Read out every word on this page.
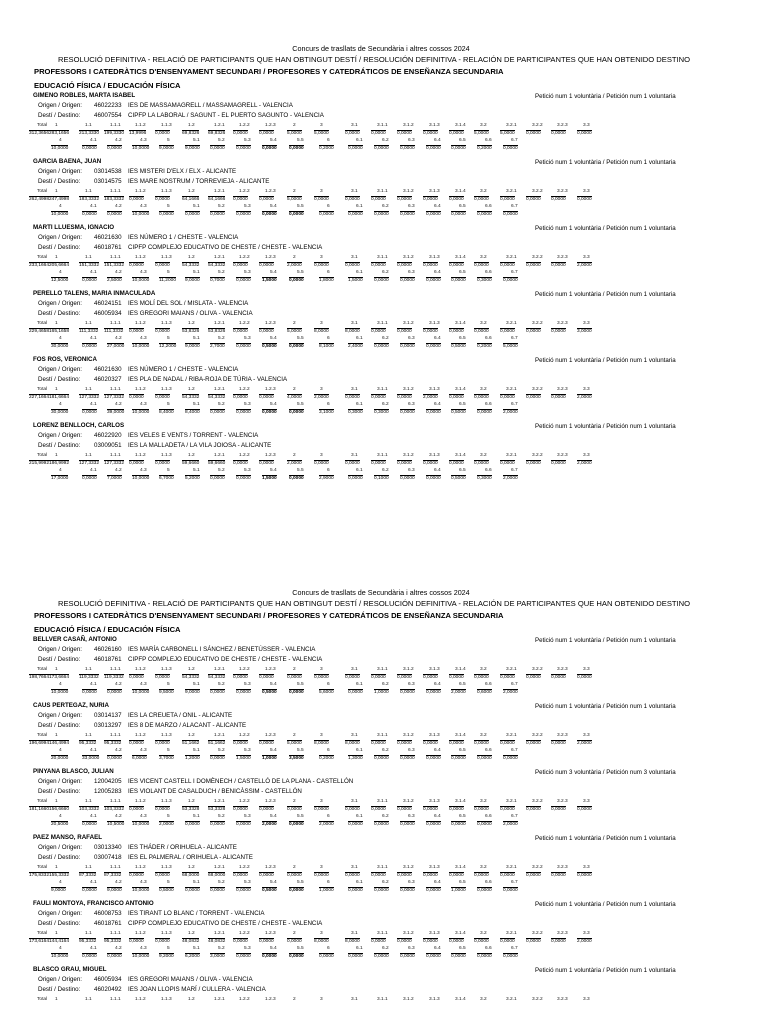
Concurs de trasllats de Secundària i altres cossos 2024
RESOLUCIÓ DEFINITIVA - RELACIÓ DE PARTICIPANTS QUE HAN OBTINGUT DESTÍ / RESOLUCIÓN DEFINITIVA - RELACIÓN DE PARTICIPANTES QUE HAN OBTENIDO DESTINO
PROFESSORS I CATEDRÀTICS D'ENSENYAMENT SECUNDARI / PROFESORES Y CATEDRÁTICOS DE ENSEÑANZA SECUNDARIA
EDUCACIÓ FÍSICA / EDUCACIÓN FÍSICA
GIMENO ROBLES, MARTA ISABEL	Petició num 1 voluntària / Petición num 1 voluntaria
Origen / Origen: 46022233 IES DE MASSAMAGRELL / MASSAMAGRELL - VALENCIA
Destí / Destino: 46007554 CIPFP LA LABORAL / SAGUNT - EL PUERTO SAGUNTO - VALENCIA
Total 1	1.1	1.1.1	1.1.2	1.1.3	1.2	1.2.1	1.2.2	1.2.3	2	3	3.1	3.1.1	3.1.2	3.1.3	3.1.4	3.2	3.2.1	3.2.2	3.2.3	3.3
312,3656 283,1656 213,3330 199,3330 13,9996 0,0000	69,8326 69,8326 0,0000 0,0000	5,0000	5,0000	0,0000 0,0000 0,0000 0,0000 0,0000 5,0000 5,0000 0,0000 0,0000 0,0000
4	4.1	4.2	4.3	5	5.1	5.2	5.3	5.4	5.5	6	6.1	6.2	6.3	6.4	6.5	6.6	6.7
10,0000	0,0000 0,0000 10,0000 9,0000 9,0000 0,0000 0,0000 0,0000	0,0000	0,2000	0,0000 0,0000 0,0000 0,0000 0,0000 0,2000 0,0000
GARCIA BAENA, JUAN	Petició num 1 voluntària / Petición num 1 voluntaria
Origen / Origen: 03014538 IES MISTERI D'ELX / ELX - ALICANTE
Destí / Destino: 03014575 IES MARE NOSTRUM / TORREVIEJA - ALICANTE
Total 1	1.1	1.1.1	1.1.2	1.1.3	1.2	1.2.1	1.2.2	1.2.3	2	3	3.1	3.1.1	3.1.2	3.1.3	3.1.4	3.2	3.2.1	3.2.2	3.2.3	3.3
262,4998 247,4998 183,3332 183,3332 0,0000 0,0000	64,1666 64,1666 0,0000 0,0000	5,0000	0,0000	0,0000 0,0000 0,0000 0,0000 0,0000 0,0000 0,0000 0,0000 0,0000 0,0000
4	4.1	4.2	4.3	5	5.1	5.2	5.3	5.4	5.5	6	6.1	6.2	6.3	6.4	6.5	6.6	6.7
10,0000	0,0000 0,0000 10,0000 0,0000 0,0000 0,0000 0,0000 0,0000	0,0000	0,0000	0,0000 0,0000 0,0000 0,0000 0,0000 0,0000 0,0000
MARTI LLUESMA, IGNACIO	Petició num 1 voluntària / Petición num 1 voluntaria
Origen / Origen: 46021630 IES NÚMERO 1 / CHESTE - VALENCIA
Destí / Destino: 46018761 CIPFP COMPLEJO EDUCATIVO DE CHESTE / CHESTE - VALENCIA
Total 1	1.1	1.1.1	1.1.2	1.1.3	1.2	1.2.1	1.2.2	1.2.3	2	3	3.1	3.1.1	3.1.2	3.1.3	3.1.4	3.2	3.2.1	3.2.2	3.2.3	3.3
233,1664 205,6664 151,3332 151,3332 0,0000 0,0000	54,3332 54,3332 0,0000 0,0000	2,0000	0,0000	0,0000 0,0000 0,0000 0,0000 0,0000 0,0000 0,0000 0,0000 0,0000 2,0000
4	4.1	4.2	4.3	5	5.1	5.2	5.3	5.4	5.5	6	6.1	6.2	6.3	6.4	6.5	6.6	6.7
12,5000	0,0000 2,5000 10,0000 11,2000 9,0000 0,7000 0,0000 1,5000	0,0000	1,8000	1,5000 0,0000 0,0000 0,0000 0,0000 0,3000 0,0000
PERELLO TALENS, MARIA INMACULADA	Petició num 1 voluntària / Petición num 1 voluntaria
Origen / Origen: 46024151 IES MOLÍ DEL SOL / MISLATA - VALENCIA
Destí / Destino: 46005934 IES GREGORI MAIANS / OLIVA - VALENCIA
Total 1	1.1	1.1.1	1.1.2	1.1.3	1.2	1.2.1	1.2.2	1.2.3	2	3	3.1	3.1.1	3.1.2	3.1.3	3.1.4	3.2	3.2.1	3.2.2	3.2.3	3.3
229,4658 165,1658 111,3332 111,3332 0,0000 0,0000	53,8326 53,8326 0,0000 0,0000	5,0000	8,0000	8,0000 0,0000 0,0000 0,0000 0,0000 0,0000 0,0000 0,0000 0,0000 3,0000
4	4.1	4.2	4.3	5	5.1	5.2	5.3	5.4	5.5	6	6.1	6.2	6.3	6.4	6.5	6.6	6.7
30,0000	0,0000 27,0000 10,0000 12,2000 9,0000 2,7000 0,0000 0,5000	0,0000	8,1000	2,4000 0,0000 0,0000 0,0000 0,5000 0,2000 5,0000
FOS ROS, VERONICA	Petició num 1 voluntària / Petición num 1 voluntaria
Origen / Origen: 46021630 IES NÚMERO 1 / CHESTE - VALENCIA
Destí / Destino: 46020327 IES PLA DE NADAL / RIBA-ROJA DE TÚRIA - VALENCIA
Total 1	1.1	1.1.1	1.1.2	1.1.3	1.2	1.2.1	1.2.2	1.2.3	2	3	3.1	3.1.1	3.1.2	3.1.3	3.1.4	3.2	3.2.1	3.2.2	3.2.3	3.3
227,1664 181,6664 127,3332 127,3332 0,0000 0,0000	54,3332 54,3332 0,0000 0,0000	4,0000	2,0000	0,0000 0,0000 0,0000 2,0000 0,0000 0,0000 0,0000 0,0000 0,0000 2,0000
4	4.1	4.2	4.3	5	5.1	5.2	5.3	5.4	5.5	6	6.1	6.2	6.3	6.4	6.5	6.6	6.7
30,0000	0,0000 39,0000 10,0000 8,4000 8,4000 0,0000 0,0000 0,0000	0,0000	3,1000	0,3000 0,3000 0,0000 0,0000 0,5000 0,0000 2,0000
LORENZ BENLLOCH, CARLOS	Petició num 1 voluntària / Petición num 1 voluntaria
Origen / Origen: 46022920 IES VELES E VENTS / TORRENT - VALENCIA
Destí / Destino: 03009051 IES LA MALLADETA / LA VILA JOIOSA - ALICANTE
Total 1	1.1	1.1.1	1.1.2	1.1.3	1.2	1.2.1	1.2.2	1.2.3	2	3	3.1	3.1.1	3.1.2	3.1.3	3.1.4	3.2	3.2.1	3.2.2	3.2.3	3.3
215,9992 186,9992 127,3332 127,3332 0,0000 0,0000	59,6660 59,6660 0,0000 0,0000	2,0000	0,0000	0,0000 0,0000 0,0000 0,0000 0,0000 0,0000 0,0000 0,0000 0,0000 2,0000
4	4.1	4.2	4.3	5	5.1	5.2	5.3	5.4	5.5	6	6.1	6.2	6.3	6.4	6.5	6.6	6.7
17,0000	0,0000 7,0000 10,0000 6,7000 5,2000 0,0000 0,0000 1,5000	0,0000	2,9000	0,0000 0,1000 0,0000 0,0000 0,5000 0,3000 2,0000
Concurs de trasllats de Secundària i altres cossos 2024
RESOLUCIÓ DEFINITIVA - RELACIÓ DE PARTICIPANTS QUE HAN OBTINGUT DESTÍ / RESOLUCIÓN DEFINITIVA - RELACIÓN DE PARTICIPANTES QUE HAN OBTENIDO DESTINO
PROFESSORS I CATEDRÀTICS D'ENSENYAMENT SECUNDARI / PROFESORES Y CATEDRÁTICOS DE ENSEÑANZA SECUNDARIA
EDUCACIÓ FÍSICA / EDUCACIÓN FÍSICA
BELLVER CASAÑ, ANTONIO	Petició num 1 voluntària / Petición num 1 voluntaria
Origen / Origen: 46026160 IES MARÍA CARBONELL I SÁNCHEZ / BENETÚSSER - VALENCIA
Destí / Destino: 46018761 CIPFP COMPLEJO EDUCATIVO DE CHESTE / CHESTE - VALENCIA
Total 1	1.1	1.1.1	1.1.2	1.1.3	1.2	1.2.1	1.2.2	1.2.3	2	3	3.1	3.1.1	3.1.2	3.1.3	3.1.4	3.2	3.2.1	3.2.2	3.2.3	3.3
198,7664 173,6664 119,3332 119,3332 0,0000 0,0000	54,3332 54,3332 0,0000 0,0000	0,0000	0,0000	0,0000 0,0000 0,0000 0,0000 0,0000 0,0000 0,0000 0,0000 0,0000 0,0000
4	4.1	4.2	4.3	5	5.1	5.2	5.3	5.4	5.5	6	6.1	6.2	6.3	6.4	6.5	6.6	6.7
10,0000	0,0000 0,0000 10,0000 9,5000 9,0000 0,0000 0,0000 0,5000	0,0000	5,6000	0,0000 1,0000 0,0000 0,0000 2,0000 0,6000 2,0000
CAUS PERTEGAZ, NURIA	Petició num 1 voluntària / Petición num 1 voluntaria
Origen / Origen: 03014137 IES LA CREUETA / ONIL - ALICANTE
Destí / Destino: 03013297 IES 8 DE MARZO / ALACANT - ALICANTE
Total 1	1.1	1.1.1	1.1.2	1.1.3	1.2	1.2.1	1.2.2	1.2.3	2	3	3.1	3.1.1	3.1.2	3.1.3	3.1.4	3.2	3.2.1	3.2.2	3.2.3	3.3
196,6994 146,4994 95,3332 95,3332 0,0000 0,0000	51,1662 51,1662 0,0000 0,0000	5,0000	8,0000	8,0000 0,0000 0,0000 0,0000 0,0000 0,0000 0,0000 0,0000 0,0000 2,0000
4	4.1	4.2	4.3	5	5.1	5.2	5.3	5.4	5.5	6	6.1	6.2	6.3	6.4	6.5	6.6	6.7
20,0000	33,0000 0,0000 6,0000	3,7000 1,2000 0,0000 1,5000 1,0000	3,5000	0,2000	1,3000 0,0000 0,0000 0,0000 0,0000 0,0000 0,0000
PINYANA BLASCO, JULIAN	Petició num 3 voluntària / Petición num 3 voluntaria
Origen / Origen: 12004205 IES VICENT CASTELL I DOMÈNECH / CASTELLÓ DE LA PLANA - CASTELLÓN
Destí / Destino: 12005283 IES VIOLANT DE CASALDUCH / BENICÀSSIM - CASTELLÓN
Total 1	1.1	1.1.1	1.1.2	1.1.3	1.2	1.2.1	1.2.2	1.2.3	2	3	3.1	3.1.1	3.1.2	3.1.3	3.1.4	3.2	3.2.1	3.2.2	3.2.3	3.3
181,1660 156,6660 103,3332 103,3332 0,0000 0,0000	53,3328 53,3328 0,0000 0,0000	0,0000	0,0000	0,0000 0,0000 0,0000 0,0000 0,0000 0,0000 0,0000 0,0000 0,0000 0,0000
4	4.1	4.2	4.3	5	5.1	5.2	5.3	5.4	5.5	6	6.1	6.2	6.3	6.4	6.5	6.6	6.7
20,5000	0,0000 10,5000 10,0000 2,0000 0,0000 0,0000 0,0000 2,0000	0,0000	2,0000	0,0000 0,0000 0,0000 0,0000 0,0000 0,0000 2,0000
PAEZ MANSO, RAFAEL	Petició num 1 voluntària / Petición num 1 voluntaria
Origen / Origen: 03013340 IES THÁDER / ORIHUELA - ALICANTE
Destí / Destino: 03007418 IES EL PALMERAL / ORIHUELA - ALICANTE
Total 1	1.1	1.1.1	1.1.2	1.1.3	1.2	1.2.1	1.2.2	1.2.3	2	3	3.1	3.1.1	3.1.2	3.1.3	3.1.4	3.2	3.2.1	3.2.2	3.2.3	3.3
175,8332 155,3332 87,3332 87,3332 0,0000 0,0000	68,0000 68,0000 0,0000 0,0000	0,0000	0,0000	0,0000 0,0000 0,0000 0,0000 0,0000 0,0000 0,0000 0,0000 0,0000 0,0000
4	4.1	4.2	4.3	5	5.1	5.2	5.3	5.4	5.5	6	6.1	6.2	6.3	6.4	6.5	6.6	6.7
9,0000	0,0000 9,0000 10,0000 0,5000 0,0000 0,0000 0,0000 0,5000	0,0000	1,0000	0,0000 0,0000 0,0000 0,0000 1,0000 0,0000 0,0000
FAULI MONTOYA, FRANCISCO ANTONIO	Petició num 1 voluntària / Petición num 1 voluntaria
Origen / Origen: 46008753 IES TIRANT LO BLANC / TORRENT - VALENCIA
Destí / Destino: 46018761 CIPFP COMPLEJO EDUCATIVO DE CHESTE / CHESTE - VALENCIA
Total 1	1.1	1.1.1	1.1.2	1.1.3	1.2	1.2.1	1.2.2	1.2.3	2	3	3.1	3.1.1	3.1.2	3.1.3	3.1.4	3.2	3.2.1	3.2.2	3.2.3	3.3
173,6164 144,4164 95,3332 95,3332 0,0000 0,0000	48,0832 48,0832 0,0000 0,0000	0,0000	8,0000	8,0000 0,0000 0,0000 0,0000 0,0000 0,0000 0,0000 0,0000 0,0000 2,0000
4	4.1	4.2	4.3	5	5.1	5.2	5.3	5.4	5.5	6	6.1	6.2	6.3	6.4	6.5	6.6	6.7
10,0000	0,0000 0,0000 10,0000 9,2000 6,2000 3,0000 0,0000 0,0000	0,0000	0,0000	0,0000 0,0000 0,0000 0,0000 0,0000 0,0000 0,0000
BLASCO GRAU, MIGUEL	Petició num 1 voluntària / Petición num 1 voluntaria
Origen / Origen: 46005934 IES GREGORI MAIANS / OLIVA - VALENCIA
Destí / Destino: 46020492 IES JOAN LLOPIS MARÍ / CULLERA - VALENCIA
Total 1	1.1	1.1.1	1.1.2	1.1.3	1.2	1.2.1	1.2.2	1.2.3	2	3	3.1	3.1.1	3.1.2	3.1.3	3.1.4	3.2	3.2.1	3.2.2	3.2.3	3.3
